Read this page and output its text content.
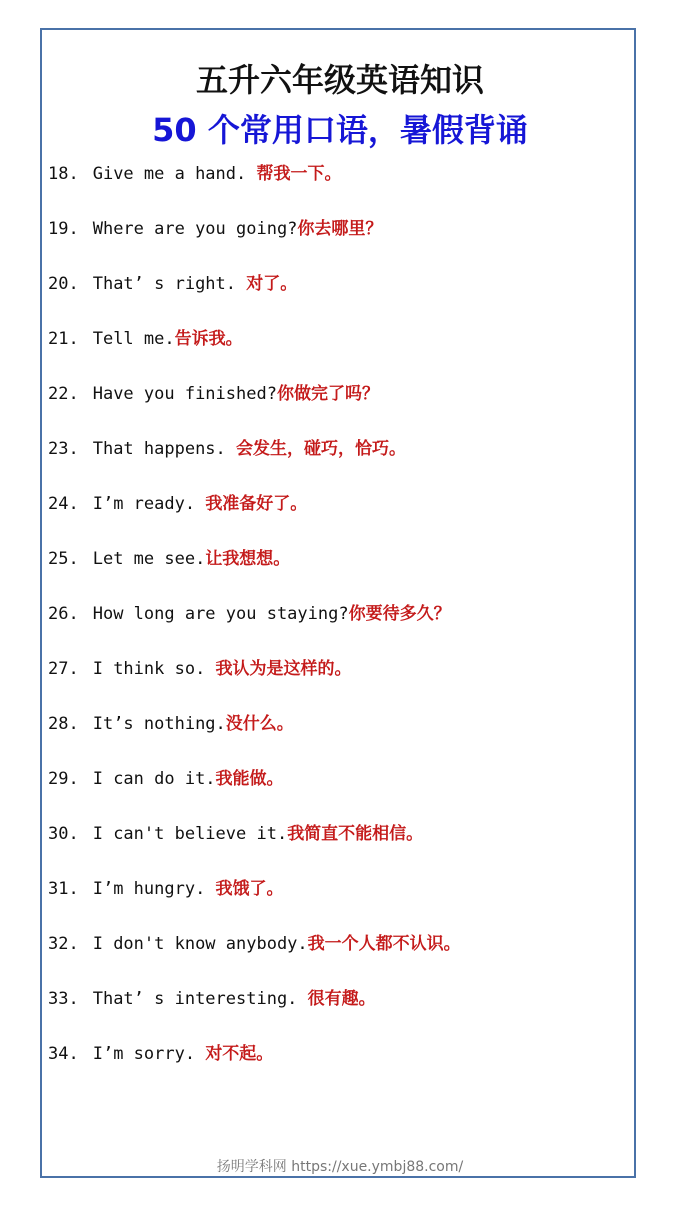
五升六年级英语知识
50 个常用口语，暑假背诵
18. Give me a hand. 帮我一下。
19. Where are you going?你去哪里？
20. That’ s right. 对了。
21. Tell me.告诉我。
22. Have you finished?你做完了吗？
23. That happens. 会发生，碰巧，恰巧。
24. I’m ready. 我准备好了。
25. Let me see.让我想想。
26. How long are you staying?你要待多久？
27. I think so. 我认为是这样的。
28. It’s nothing.没什么。
29. I can do it.我能做。
30. I can't believe it.我简直不能相信。
31. I’m hungry. 我饿了。
32. I don't know anybody.我一个人都不认识。
33. That’ s interesting. 很有趣。
34. I’m sorry. 对不起。
扬明学科网 https://xue.ymbj88.com/
